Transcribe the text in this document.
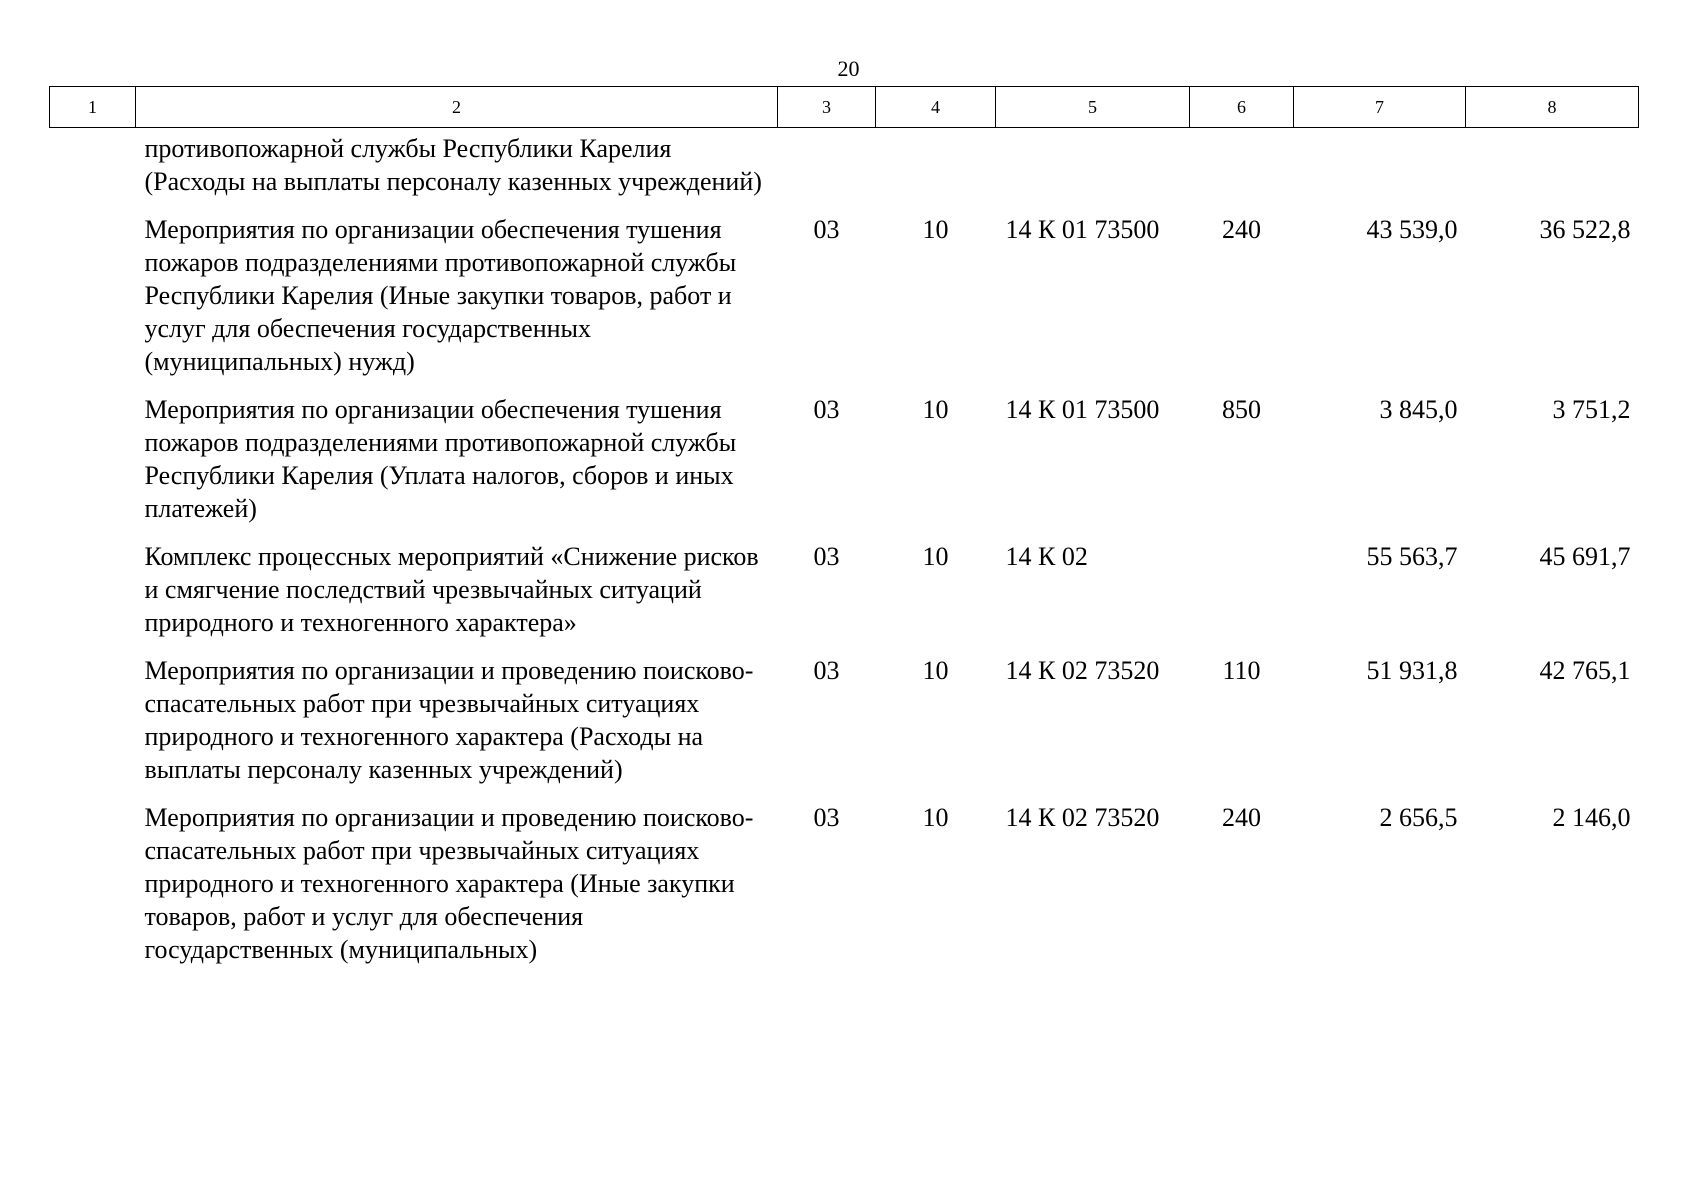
20
1	2	3	4	5	6	7	8
противопожарной службы Республики Карелия (Расходы на выплаты персоналу казенных учреждений)							
Мероприятия по организации обеспечения тушения пожаров подразделениями противопожарной службы Республики Карелия (Иные закупки товаров, работ и услуг для обеспечения государственных (муниципальных) нужд)		03	10	14 К 01 73500	240	43 539,0	36 522,8
Мероприятия по организации обеспечения тушения пожаров подразделениями противопожарной службы Республики Карелия (Уплата налогов, сборов и иных платежей)		03	10	14 К 01 73500	850	3 845,0	3 751,2
Комплекс процессных мероприятий «Снижение рисков и смягчение последствий чрезвычайных ситуаций природного и техногенного характера»		03	10	14 К 02		55 563,7	45 691,7
Мероприятия по организации и проведению поисково-спасательных работ при чрезвычайных ситуациях природного и техногенного характера (Расходы на выплаты персоналу казенных учреждений)		03	10	14 К 02 73520	110	51 931,8	42 765,1
Мероприятия по организации и проведению поисково-спасательных работ при чрезвычайных ситуациях природного и техногенного характера (Иные закупки товаров, работ и услуг для обеспечения государственных (муниципальных)		03	10	14 К 02 73520	240	2 656,5	2 146,0
